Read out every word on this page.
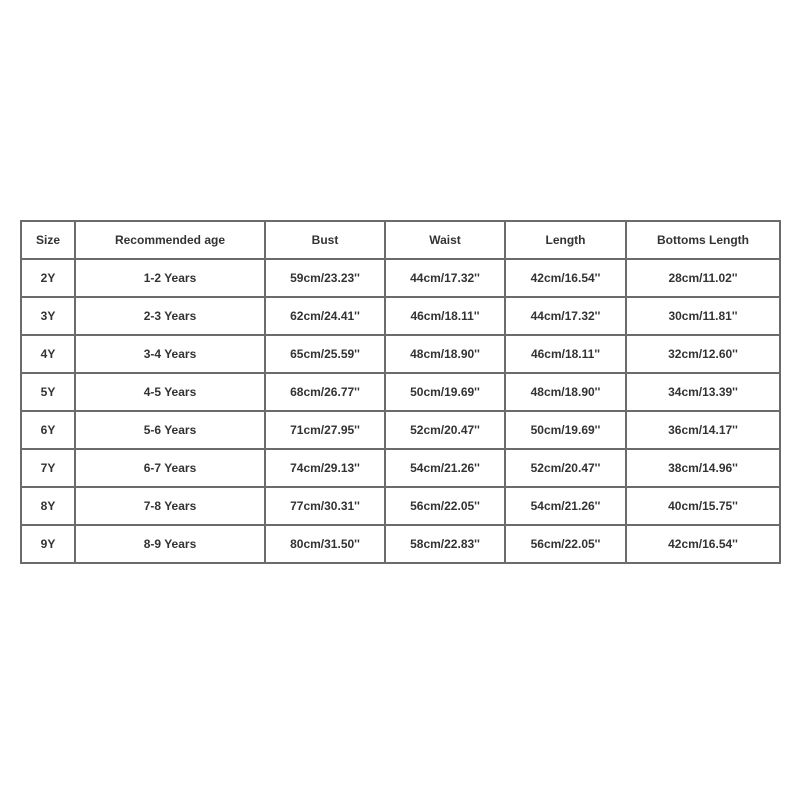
Size	Recommended age	Bust	Waist	Length	Bottoms Length
2Y	1-2 Years	59cm/23.23''	44cm/17.32''	42cm/16.54''	28cm/11.02''
3Y	2-3 Years	62cm/24.41''	46cm/18.11''	44cm/17.32''	30cm/11.81''
4Y	3-4 Years	65cm/25.59''	48cm/18.90''	46cm/18.11''	32cm/12.60''
5Y	4-5 Years	68cm/26.77''	50cm/19.69''	48cm/18.90''	34cm/13.39''
6Y	5-6 Years	71cm/27.95''	52cm/20.47''	50cm/19.69''	36cm/14.17''
7Y	6-7 Years	74cm/29.13''	54cm/21.26''	52cm/20.47''	38cm/14.96''
8Y	7-8 Years	77cm/30.31''	56cm/22.05''	54cm/21.26''	40cm/15.75''
9Y	8-9 Years	80cm/31.50''	58cm/22.83''	56cm/22.05''	42cm/16.54''
